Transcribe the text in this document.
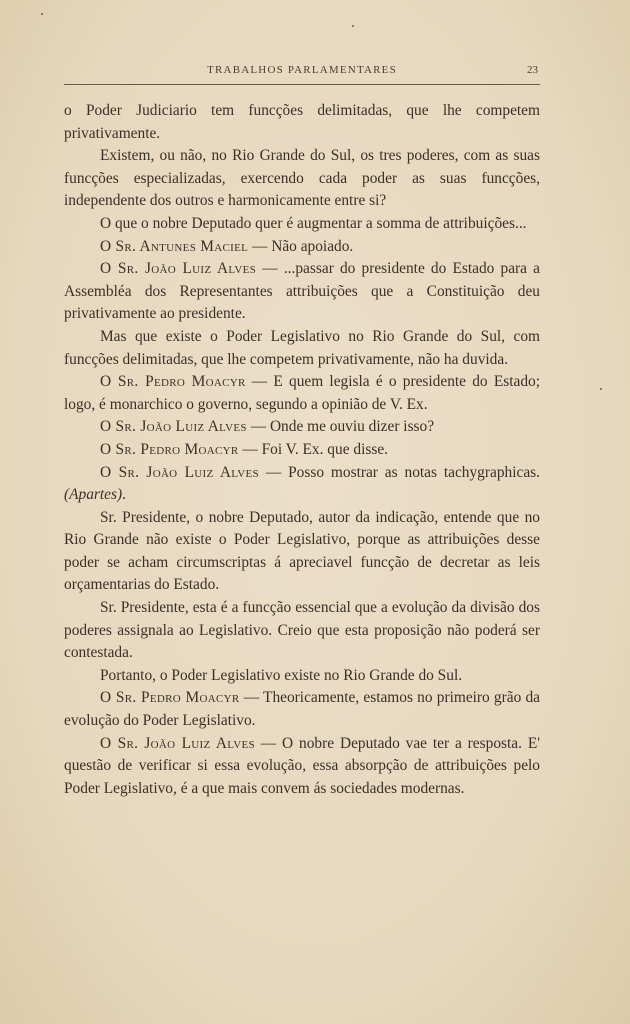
TRABALHOS PARLAMENTARES	23

o Poder Judiciario tem funcções delimitadas, que lhe competem privativamente.

Existem, ou não, no Rio Grande do Sul, os tres poderes, com as suas funcções especializadas, exercendo cada poder as suas funcções, independente dos outros e harmonicamente entre si?

O que o nobre Deputado quer é augmentar a somma de attribuições...

O Sr. Antunes Maciel — Não apoiado.

O Sr. João Luiz Alves — ...passar do presidente do Estado para a Assembléa dos Representantes attribuições que a Constituição deu privativamente ao presidente.

Mas que existe o Poder Legislativo no Rio Grande do Sul, com funcções delimitadas, que lhe competem privativamente, não ha duvida.

O Sr. Pedro Moacyr — E quem legisla é o presidente do Estado; logo, é monarchico o governo, segundo a opinião de V. Ex.

O Sr. João Luiz Alves — Onde me ouviu dizer isso?

O Sr. Pedro Moacyr — Foi V. Ex. que disse.

O Sr. João Luiz Alves — Posso mostrar as notas tachygraphicas. (Apartes).

Sr. Presidente, o nobre Deputado, autor da indicação, entende que no Rio Grande não existe o Poder Legislativo, porque as attribuições desse poder se acham circumscriptas á apreciavel funcção de decretar as leis orçamentarias do Estado.

Sr. Presidente, esta é a funcção essencial que a evolução da divisão dos poderes assignala ao Legislativo. Creio que esta proposição não poderá ser contestada.

Portanto, o Poder Legislativo existe no Rio Grande do Sul.

O Sr. Pedro Moacyr — Theoricamente, estamos no primeiro grão da evolução do Poder Legislativo.

O Sr. João Luiz Alves — O nobre Deputado vae ter a resposta. E' questão de verificar si essa evolução, essa absorpção de attribuições pelo Poder Legislativo, é a que mais convem ás sociedades modernas.
